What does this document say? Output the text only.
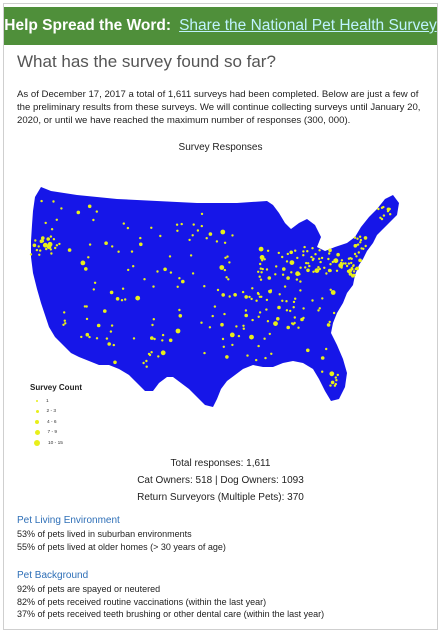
Help Spread the Word: Share the National Pet Health Survey
What has the survey found so far?
As of December 17, 2017 a total of 1,611 surveys had been completed. Below are just a few of the preliminary results from these surveys. We will continue collecting surveys until January 20, 2020, or until we have reached the maximum number of responses (300, 000).
Survey Responses
Survey Count
1
2 - 3
4 - 6
7 - 9
10 - 15
Total responses: 1,611
Cat Owners: 518 | Dog Owners: 1093
Return Surveyors (Multiple Pets): 370
Pet Living Environment
53% of pets lived in suburban environments
55% of pets lived at older homes (> 30 years of age)
Pet Background
92% of pets are spayed or neutered
82% of pets received routine vaccinations (within the last year)
37% of pets received teeth brushing or other dental care (within the last year)
